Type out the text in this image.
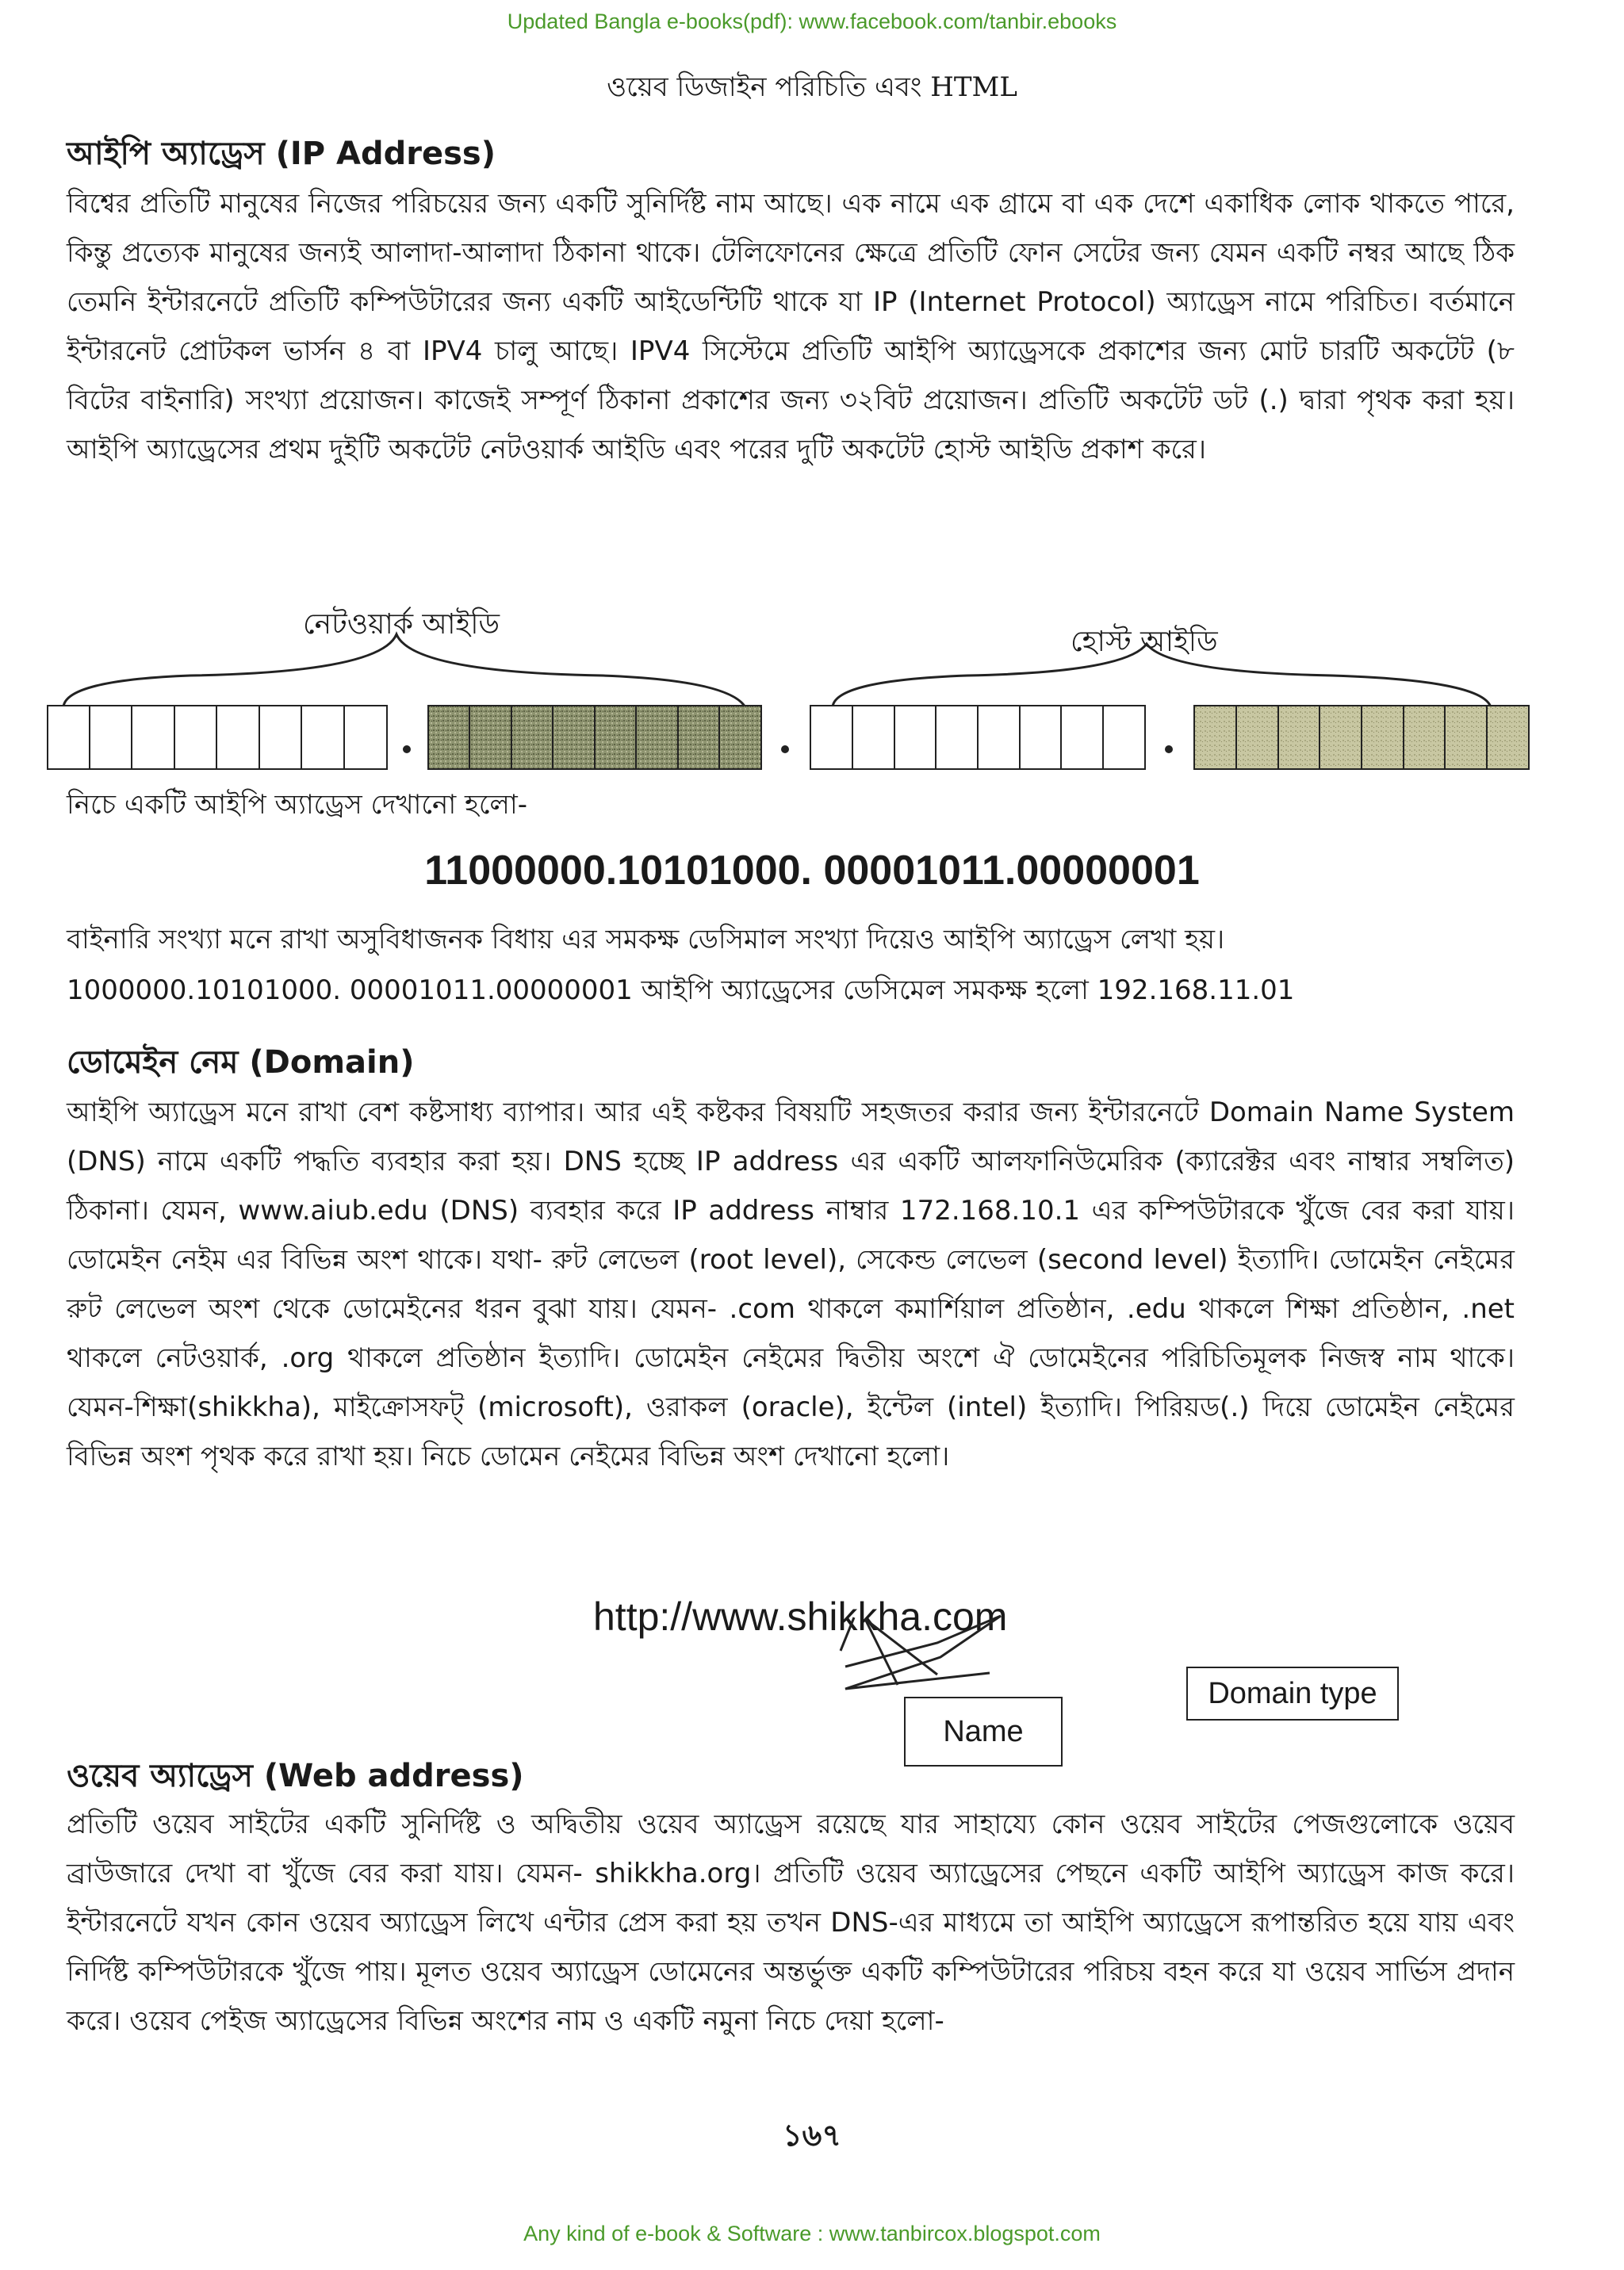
Updated Bangla e-books(pdf): www.facebook.com/tanbir.ebooks
ওয়েব ডিজাইন পরিচিতি এবং HTML
আইপি অ্যাড্রেস (IP Address)

বিশ্বের প্রতিটি মানুষের নিজের পরিচয়ের জন্য একটি সুনির্দিষ্ট নাম আছে। এক নামে এক গ্রামে বা এক দেশে একাধিক লোক থাকতে পারে, কিন্তু প্রত্যেক মানুষের জন্যই আলাদা-আলাদা ঠিকানা থাকে। টেলিফোনের ক্ষেত্রে প্রতিটি ফোন সেটের জন্য যেমন একটি নম্বর আছে ঠিক তেমনি ইন্টারনেটে প্রতিটি কম্পিউটারের জন্য একটি আইডেন্টিটি থাকে যা IP (Internet Protocol) অ্যাড্রেস নামে পরিচিত। বর্তমানে ইন্টারনেট প্রোটকল ভার্সন ৪ বা IPV4 চালু আছে। IPV4 সিস্টেমে প্রতিটি আইপি অ্যাড্রেসকে প্রকাশের জন্য মোট চারটি অকটেট (৮ বিটের বাইনারি) সংখ্যা প্রয়োজন। কাজেই সম্পূর্ণ ঠিকানা প্রকাশের জন্য ৩২বিট প্রয়োজন। প্রতিটি অকটেট ডট (.) দ্বারা পৃথক করা হয়। আইপি অ্যাড্রেসের প্রথম দুইটি অকটেট নেটওয়ার্ক আইডি এবং পরের দুটি অকটেট হোস্ট আইডি প্রকাশ করে।

নেটওয়ার্ক আইডি
হোস্ট আইডি
নিচে একটি আইপি অ্যাড্রেস দেখানো হলো-
11000000.10101000. 00001011.00000001
বাইনারি সংখ্যা মনে রাখা অসুবিধাজনক বিধায় এর সমকক্ষ ডেসিমাল সংখ্যা দিয়েও আইপি অ্যাড্রেস লেখা হয়।
1000000.10101000. 00001011.00000001 আইপি অ্যাড্রেসের ডেসিমেল সমকক্ষ হলো 192.168.11.01
ডোমেইন নেম (Domain)

আইপি অ্যাড্রেস মনে রাখা বেশ কষ্টসাধ্য ব্যাপার। আর এই কষ্টকর বিষয়টি সহজতর করার জন্য ইন্টারনেটে Domain Name System (DNS) নামে একটি পদ্ধতি ব্যবহার করা হয়। DNS হচ্ছে IP address এর একটি আলফানিউমেরিক (ক্যারেক্টর এবং নাম্বার সম্বলিত) ঠিকানা। যেমন, www.aiub.edu (DNS) ব্যবহার করে IP address নাম্বার 172.168.10.1 এর কম্পিউটারকে খুঁজে বের করা যায়। ডোমেইন নেইম এর বিভিন্ন অংশ থাকে। যথা- রুট লেভেল (root level), সেকেন্ড লেভেল (second level) ইত্যাদি। ডোমেইন নেইমের রুট লেভেল অংশ থেকে ডোমেইনের ধরন বুঝা যায়। যেমন- .com থাকলে কমার্শিয়াল প্রতিষ্ঠান, .edu থাকলে শিক্ষা প্রতিষ্ঠান, .net থাকলে নেটওয়ার্ক, .org থাকলে প্রতিষ্ঠান ইত্যাদি। ডোমেইন নেইমের দ্বিতীয় অংশে ঐ ডোমেইনের পরিচিতিমূলক নিজস্ব নাম থাকে। যেমন-শিক্ষা(shikkha), মাইক্রোসফট্ (microsoft), ওরাকল (oracle), ইন্টেল (intel) ইত্যাদি। পিরিয়ড(.) দিয়ে ডোমেইন নেইমের বিভিন্ন অংশ পৃথক করে রাখা হয়। নিচে ডোমেন নেইমের বিভিন্ন অংশ দেখানো হলো।

http://www.shikkha.com
Domain type
Name
ওয়েব অ্যাড্রেস (Web address)

প্রতিটি ওয়েব সাইটের একটি সুনির্দিষ্ট ও অদ্বিতীয় ওয়েব অ্যাড্রেস রয়েছে যার সাহায্যে কোন ওয়েব সাইটের পেজগুলোকে ওয়েব ব্রাউজারে দেখা বা খুঁজে বের করা যায়। যেমন- shikkha.org। প্রতিটি ওয়েব অ্যাড্রেসের পেছনে একটি আইপি অ্যাড্রেস কাজ করে। ইন্টারনেটে যখন কোন ওয়েব অ্যাড্রেস লিখে এন্টার প্রেস করা হয় তখন DNS-এর মাধ্যমে তা আইপি অ্যাড্রেসে রূপান্তরিত হয়ে যায় এবং নির্দিষ্ট কম্পিউটারকে খুঁজে পায়। মূলত ওয়েব অ্যাড্রেস ডোমেনের অন্তর্ভুক্ত একটি কম্পিউটারের পরিচয় বহন করে যা ওয়েব সার্ভিস প্রদান করে। ওয়েব পেইজ অ্যাড্রেসের বিভিন্ন অংশের নাম ও একটি নমুনা নিচে দেয়া হলো-

১৬৭
Any kind of e-book & Software : www.tanbircox.blogspot.com
